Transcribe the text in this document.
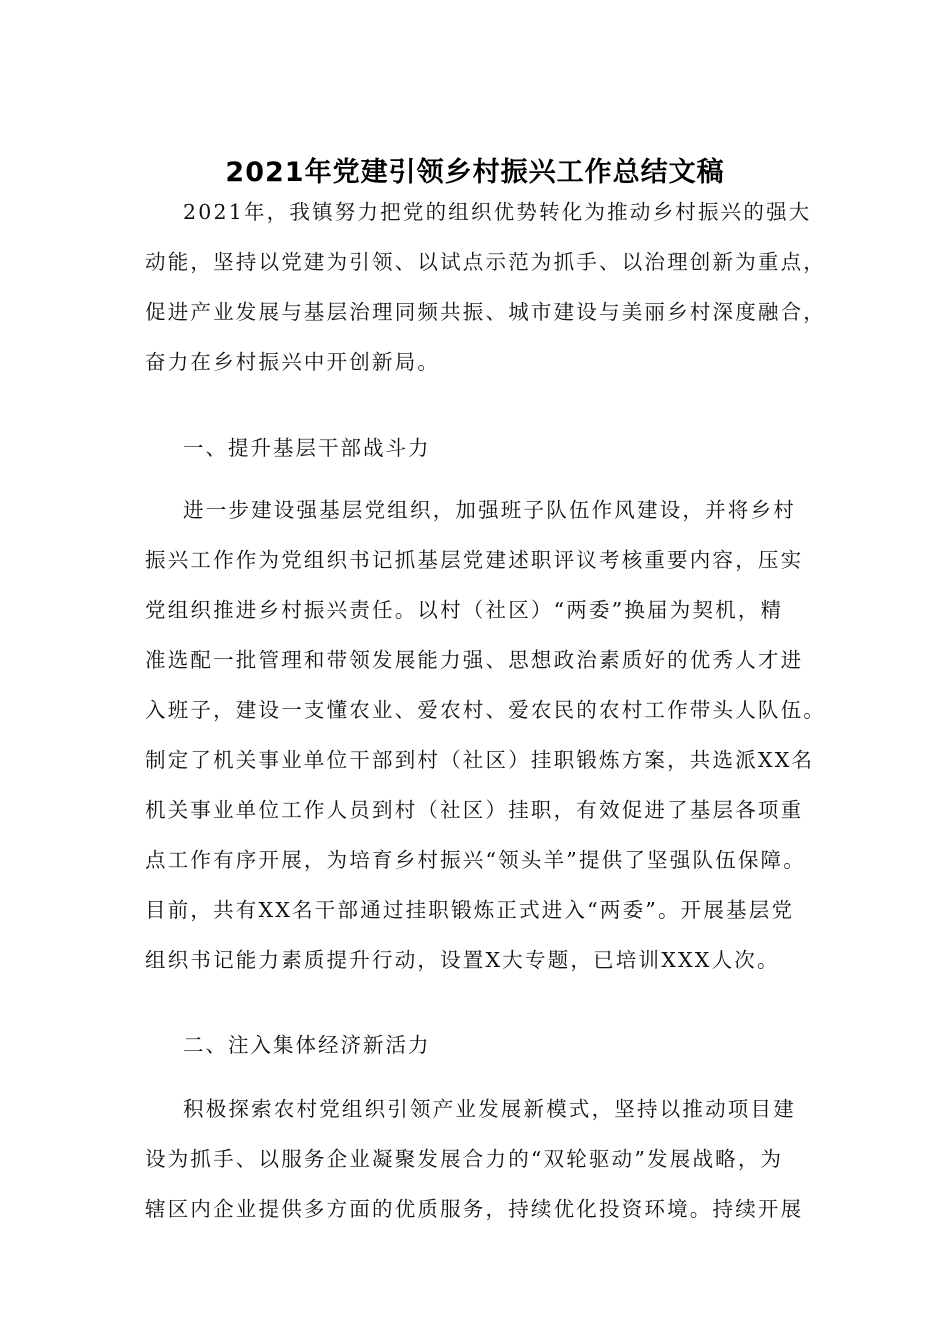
2021年党建引领乡村振兴工作总结文稿
2021年，我镇努力把党的组织优势转化为推动乡村振兴的强大
动能，坚持以党建为引领、以试点示范为抓手、以治理创新为重点，
促进产业发展与基层治理同频共振、城市建设与美丽乡村深度融合，
奋力在乡村振兴中开创新局。
一、提升基层干部战斗力
进一步建设强基层党组织，加强班子队伍作风建设，并将乡村
振兴工作作为党组织书记抓基层党建述职评议考核重要内容，压实
党组织推进乡村振兴责任。以村（社区）“两委”换届为契机，精
准选配一批管理和带领发展能力强、思想政治素质好的优秀人才进
入班子，建设一支懂农业、爱农村、爱农民的农村工作带头人队伍。
制定了机关事业单位干部到村（社区）挂职锻炼方案，共选派XX名
机关事业单位工作人员到村（社区）挂职，有效促进了基层各项重
点工作有序开展，为培育乡村振兴“领头羊”提供了坚强队伍保障。
目前，共有XX名干部通过挂职锻炼正式进入“两委”。开展基层党
组织书记能力素质提升行动，设置X大专题，已培训XXX人次。
二、注入集体经济新活力
积极探索农村党组织引领产业发展新模式，坚持以推动项目建
设为抓手、以服务企业凝聚发展合力的“双轮驱动”发展战略，为
辖区内企业提供多方面的优质服务，持续优化投资环境。持续开展
